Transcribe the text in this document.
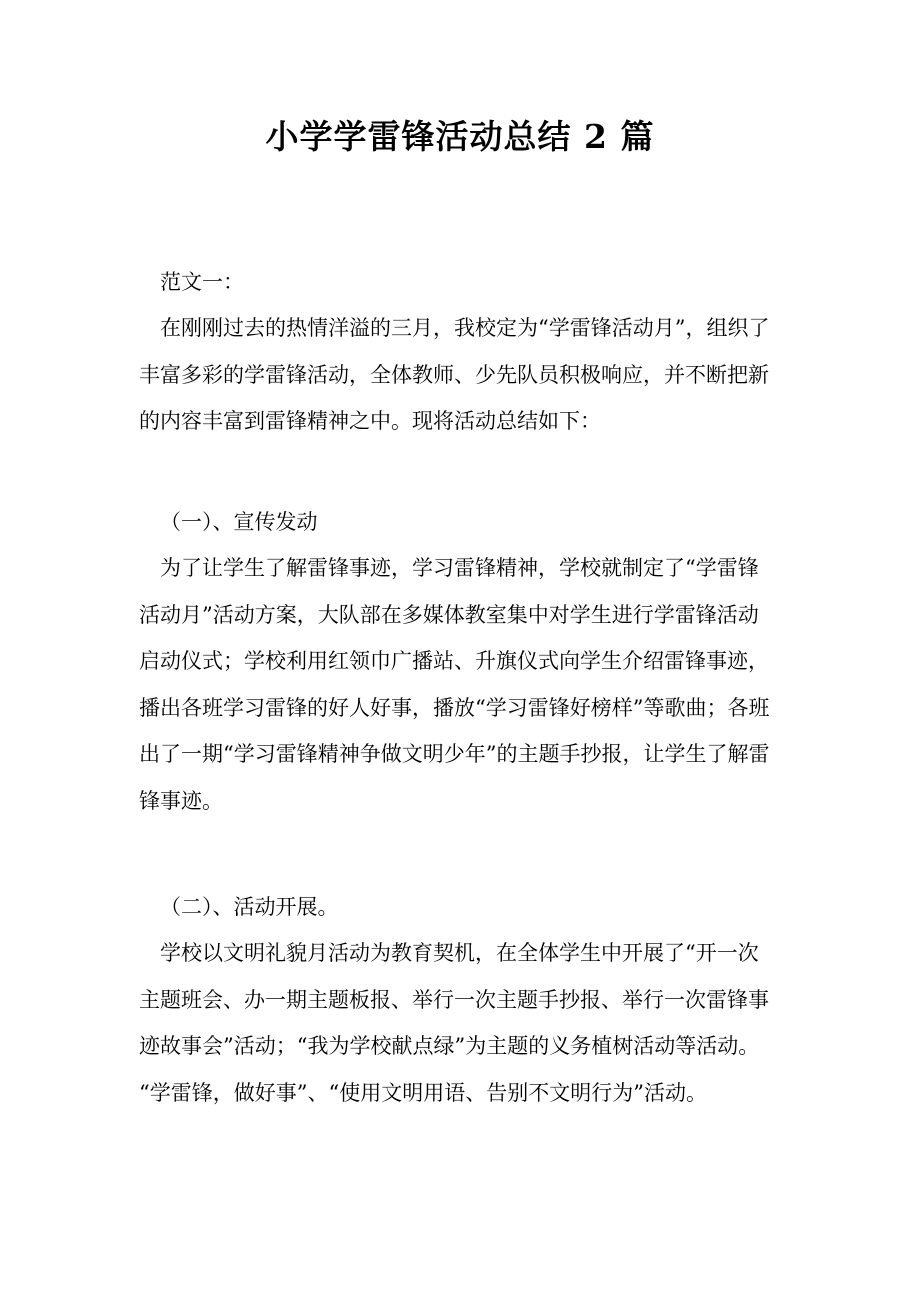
小学学雷锋活动总结 2 篇

范文一：

在刚刚过去的热情洋溢的三月，我校定为“学雷锋活动月”，组织了
丰富多彩的学雷锋活动，全体教师、少先队员积极响应，并不断把新
的内容丰富到雷锋精神之中。现将活动总结如下：

（一）、宣传发动

为了让学生了解雷锋事迹，学习雷锋精神，学校就制定了“学雷锋
活动月”活动方案，大队部在多媒体教室集中对学生进行学雷锋活动
启动仪式；学校利用红领巾广播站、升旗仪式向学生介绍雷锋事迹，
播出各班学习雷锋的好人好事，播放“学习雷锋好榜样”等歌曲；各班
出了一期“学习雷锋精神争做文明少年”的主题手抄报，让学生了解雷
锋事迹。

（二）、活动开展。

学校以文明礼貌月活动为教育契机，在全体学生中开展了“开一次
主题班会、办一期主题板报、举行一次主题手抄报、举行一次雷锋事
迹故事会”活动；“我为学校献点绿”为主题的义务植树活动等活动。
“学雷锋，做好事”、“使用文明用语、告别不文明行为”活动。
